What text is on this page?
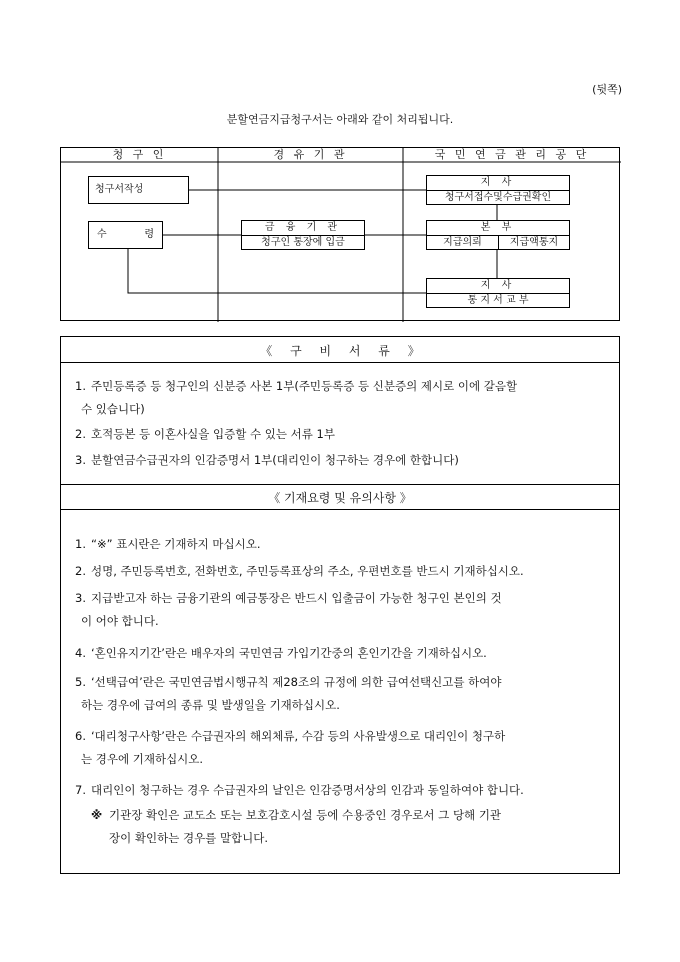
(뒷쪽)
분할연금지급청구서는 아래와 같이 처리됩니다.
청 구 인	경 유 기 관	국 민 연 금 관 리 공 단
청구서작성
수 령
금 융 기 관
청구인 통장에 입금
지 사
청구서접수및수급권확인
본 부
지급의뢰	지급액통지
지 사
통 지 서 교 부
《 구 비 서 류 》
1. 주민등록증 등 청구인의 신분증 사본 1부(주민등록증 등 신분증의 제시로 이에 갈음할
수 있습니다)
2. 호적등본 등 이혼사실을 입증할 수 있는 서류 1부
3. 분할연금수급권자의 인감증명서 1부(대리인이 청구하는 경우에 한합니다)
《 기재요령 및 유의사항 》
1. “※” 표시란은 기재하지 마십시오.
2. 성명, 주민등록번호, 전화번호, 주민등록표상의 주소, 우편번호를 반드시 기재하십시오.
3. 지급받고자 하는 금융기관의 예금통장은 반드시 입출금이 가능한 청구인 본인의 것
이 어야 합니다.
4. ‘혼인유지기간’란은 배우자의 국민연금 가입기간중의 혼인기간을 기재하십시오.
5. ‘선택급여’란은 국민연금법시행규칙 제28조의 규정에 의한 급여선택신고를 하여야
하는 경우에 급여의 종류 및 발생일을 기재하십시오.
6. ‘대리청구사항’란은 수급권자의 해외체류, 수감 등의 사유발생으로 대리인이 청구하
는 경우에 기재하십시오.
7. 대리인이 청구하는 경우 수급권자의 날인은 인감증명서상의 인감과 동일하여야 합니다.
※ 기관장 확인은 교도소 또는 보호감호시설 등에 수용중인 경우로서 그 당해 기관
장이 확인하는 경우를 말합니다.
